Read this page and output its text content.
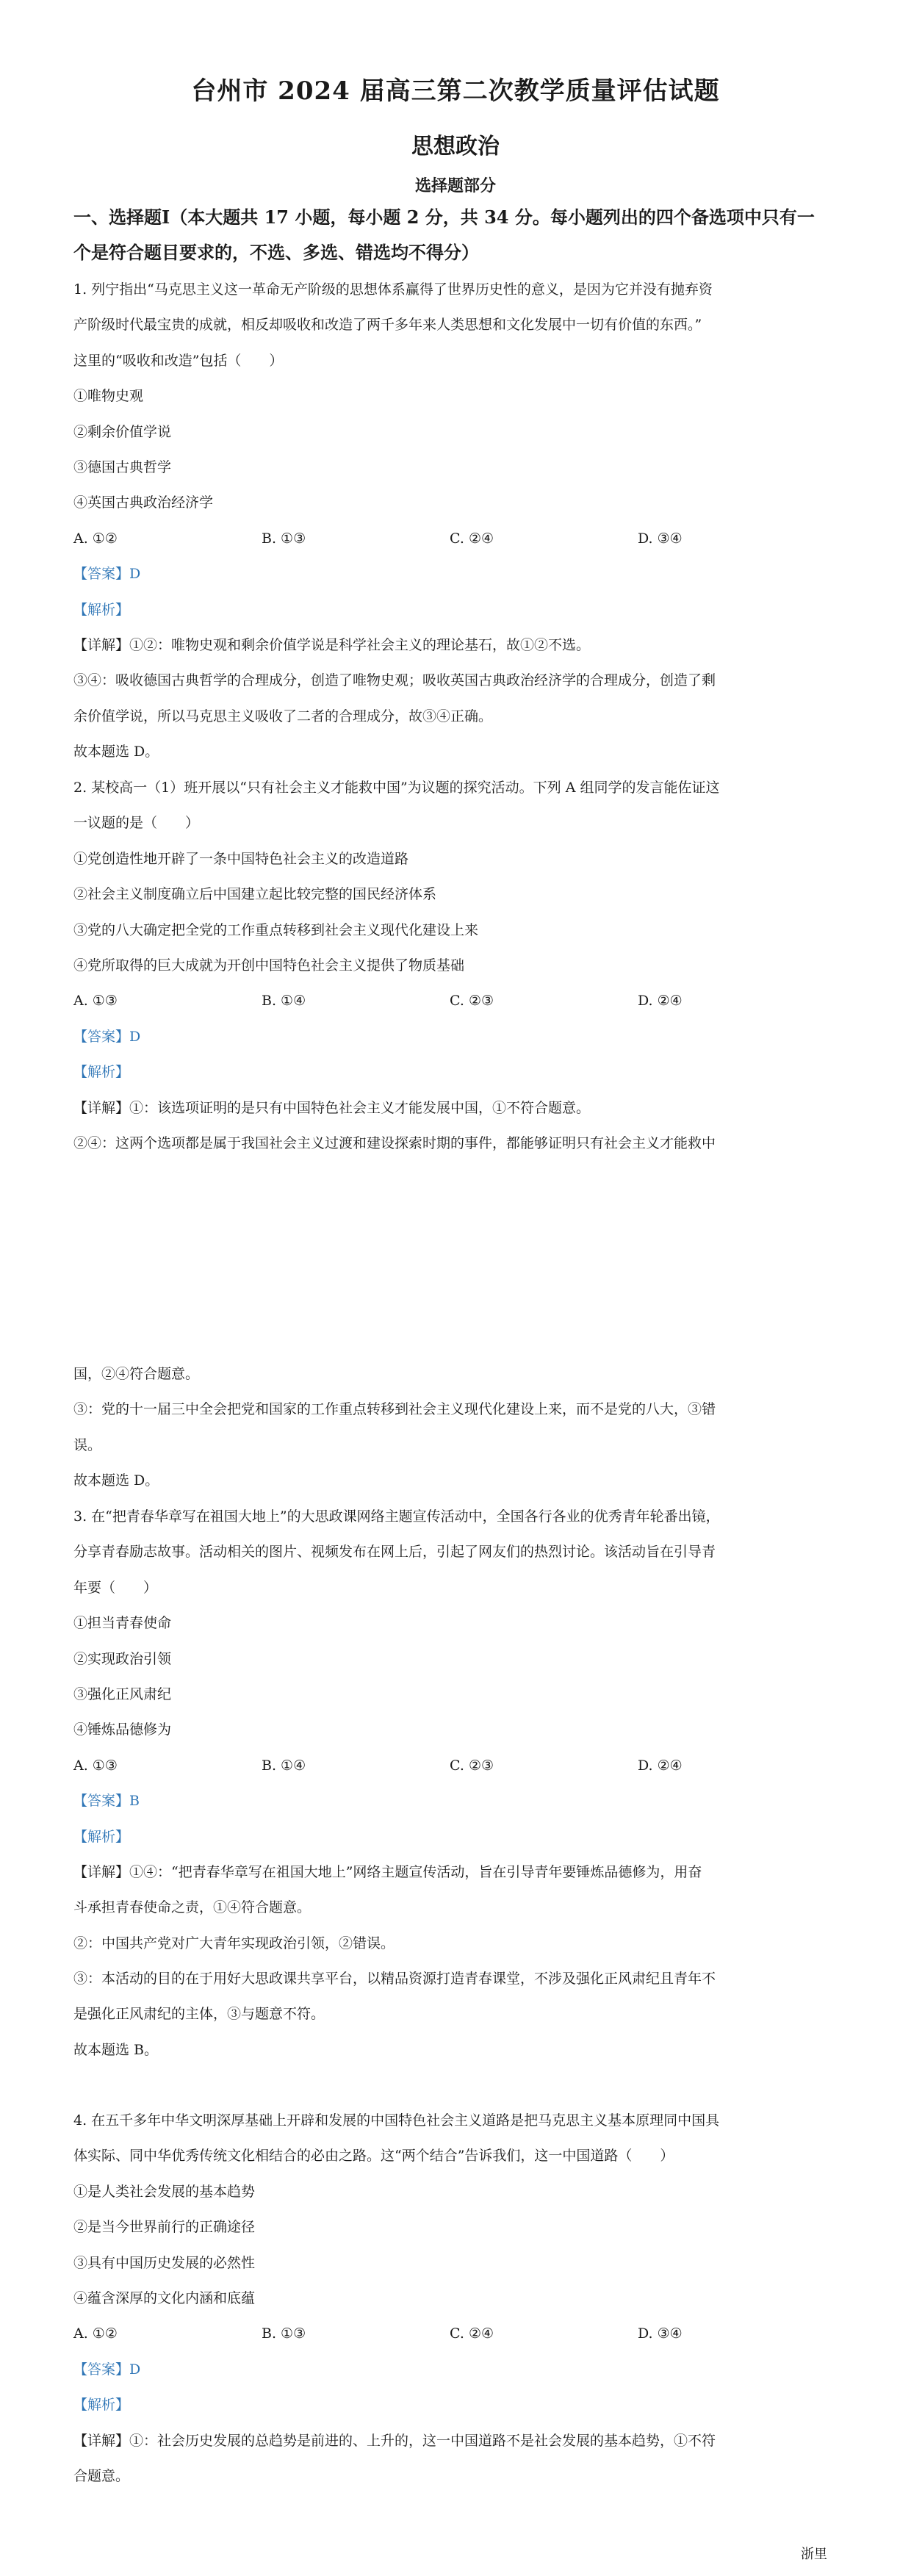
台州市 2024 届高三第二次教学质量评估试题
思想政治
选择题部分
一、选择题Ⅰ（本大题共 17 小题，每小题 2 分，共 34 分。每小题列出的四个备选项中只有一
个是符合题目要求的，不选、多选、错选均不得分）
1. 列宁指出“马克思主义这一革命无产阶级的思想体系赢得了世界历史性的意义，是因为它并没有抛弃资
产阶级时代最宝贵的成就，相反却吸收和改造了两千多年来人类思想和文化发展中一切有价值的东西。”
这里的“吸收和改造”包括（　　）
①唯物史观
②剩余价值学说
③德国古典哲学
④英国古典政治经济学
A. ①②	B. ①③	C. ②④	D. ③④
【答案】D
【解析】
【详解】①②：唯物史观和剩余价值学说是科学社会主义的理论基石，故①②不选。
③④：吸收德国古典哲学的合理成分，创造了唯物史观；吸收英国古典政治经济学的合理成分，创造了剩
余价值学说，所以马克思主义吸收了二者的合理成分，故③④正确。
故本题选 D。
2. 某校高一（1）班开展以“只有社会主义才能救中国”为议题的探究活动。下列 A 组同学的发言能佐证这
一议题的是（　　）
①党创造性地开辟了一条中国特色社会主义的改造道路
②社会主义制度确立后中国建立起比较完整的国民经济体系
③党的八大确定把全党的工作重点转移到社会主义现代化建设上来
④党所取得的巨大成就为开创中国特色社会主义提供了物质基础
A. ①③	B. ①④	C. ②③	D. ②④
【答案】D
【解析】
【详解】①：该选项证明的是只有中国特色社会主义才能发展中国，①不符合题意。
②④：这两个选项都是属于我国社会主义过渡和建设探索时期的事件，都能够证明只有社会主义才能救中
国，②④符合题意。
③：党的十一届三中全会把党和国家的工作重点转移到社会主义现代化建设上来，而不是党的八大，③错
误。
故本题选 D。
3. 在“把青春华章写在祖国大地上”的大思政课网络主题宣传活动中，全国各行各业的优秀青年轮番出镜，
分享青春励志故事。活动相关的图片、视频发布在网上后，引起了网友们的热烈讨论。该活动旨在引导青
年要（　　）
①担当青春使命
②实现政治引领
③强化正风肃纪
④锤炼品德修为
A. ①③	B. ①④	C. ②③	D. ②④
【答案】B
【解析】
【详解】①④：“把青春华章写在祖国大地上”网络主题宣传活动，旨在引导青年要锤炼品德修为，用奋
斗承担青春使命之责，①④符合题意。
②：中国共产党对广大青年实现政治引领，②错误。
③：本活动的目的在于用好大思政课共享平台，以精品资源打造青春课堂，不涉及强化正风肃纪且青年不
是强化正风肃纪的主体，③与题意不符。
故本题选 B。
4. 在五千多年中华文明深厚基础上开辟和发展的中国特色社会主义道路是把马克思主义基本原理同中国具
体实际、同中华优秀传统文化相结合的必由之路。这“两个结合”告诉我们，这一中国道路（　　）
①是人类社会发展的基本趋势
②是当今世界前行的正确途径
③具有中国历史发展的必然性
④蕴含深厚的文化内涵和底蕴
A. ①②	B. ①③	C. ②④	D. ③④
【答案】D
【解析】
【详解】①：社会历史发展的总趋势是前进的、上升的，这一中国道路不是社会发展的基本趋势，①不符
合题意。
浙里
